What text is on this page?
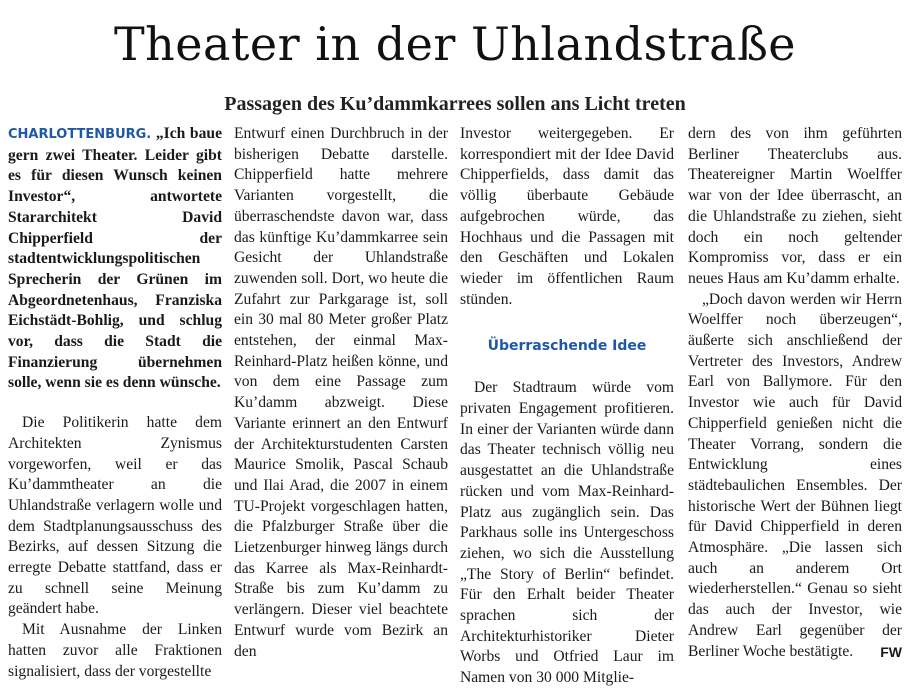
Theater in der Uhlandstraße
Passagen des Ku’dammkarrees sollen ans Licht treten

CHARLOTTENBURG. „Ich baue gern zwei Theater. Leider gibt es für diesen Wunsch keinen Investor“, antwortete Stararchitekt David Chipperfield der stadtentwicklungspolitischen Sprecherin der Grünen im Abgeordnetenhaus, Franziska Eichstädt-Bohlig, und schlug vor, dass die Stadt die Finanzierung übernehmen solle, wenn sie es denn wünsche.

Die Politikerin hatte dem Architekten Zynismus vorgeworfen, weil er das Ku’dammtheater an die Uhlandstraße verlagern wolle und dem Stadtplanungsausschuss des Bezirks, auf dessen Sitzung die erregte Debatte stattfand, dass er zu schnell seine Meinung geändert habe.

Mit Ausnahme der Linken hatten zuvor alle Fraktionen signalisiert, dass der vorgestellte

Entwurf einen Durchbruch in der bisherigen Debatte darstelle. Chipperfield hatte mehrere Varianten vorgestellt, die überraschendste davon war, dass das künftige Ku’dammkarree sein Gesicht der Uhlandstraße zuwenden soll. Dort, wo heute die Zufahrt zur Parkgarage ist, soll ein 30 mal 80 Meter großer Platz entstehen, der einmal Max-Reinhard-Platz heißen könne, und von dem eine Passage zum Ku’damm abzweigt. Diese Variante erinnert an den Entwurf der Architekturstudenten Carsten Maurice Smolik, Pascal Schaub und Ilai Arad, die 2007 in einem TU-Projekt vorgeschlagen hatten, die Pfalzburger Straße über die Lietzenburger hinweg längs durch das Karree als Max-Reinhardt-Straße bis zum Ku’damm zu verlängern. Dieser viel beachtete Entwurf wurde vom Bezirk an den

Investor weitergegeben. Er korrespondiert mit der Idee David Chipperfields, dass damit das völlig überbaute Gebäude aufgebrochen würde, das Hochhaus und die Passagen mit den Geschäften und Lokalen wieder im öffentlichen Raum stünden.

Überraschende Idee

Der Stadtraum würde vom privaten Engagement profitieren. In einer der Varianten würde dann das Theater technisch völlig neu ausgestattet an die Uhlandstraße rücken und vom Max-Reinhard-Platz aus zugänglich sein. Das Parkhaus solle ins Untergeschoss ziehen, wo sich die Ausstellung „The Story of Berlin“ befindet. Für den Erhalt beider Theater sprachen sich der Architekturhistoriker Dieter Worbs und Otfried Laur im Namen von 30 000 Mitglie-

dern des von ihm geführten Berliner Theaterclubs aus. Theatereigner Martin Woelffer war von der Idee überrascht, an die Uhlandstraße zu ziehen, sieht doch ein noch geltender Kompromiss vor, dass er ein neues Haus am Ku’damm erhalte.

„Doch davon werden wir Herrn Woelffer noch überzeugen“, äußerte sich anschließend der Vertreter des Investors, Andrew Earl von Ballymore. Für den Investor wie auch für David Chipperfield genießen nicht die Theater Vorrang, sondern die Entwicklung eines städtebaulichen Ensembles. Der historische Wert der Bühnen liegt für David Chipperfield in deren Atmosphäre. „Die lassen sich auch an anderem Ort wiederherstellen.“ Genau so sieht das auch der Investor, wie Andrew Earl gegenüber der Berliner Woche bestätigte.	FW
